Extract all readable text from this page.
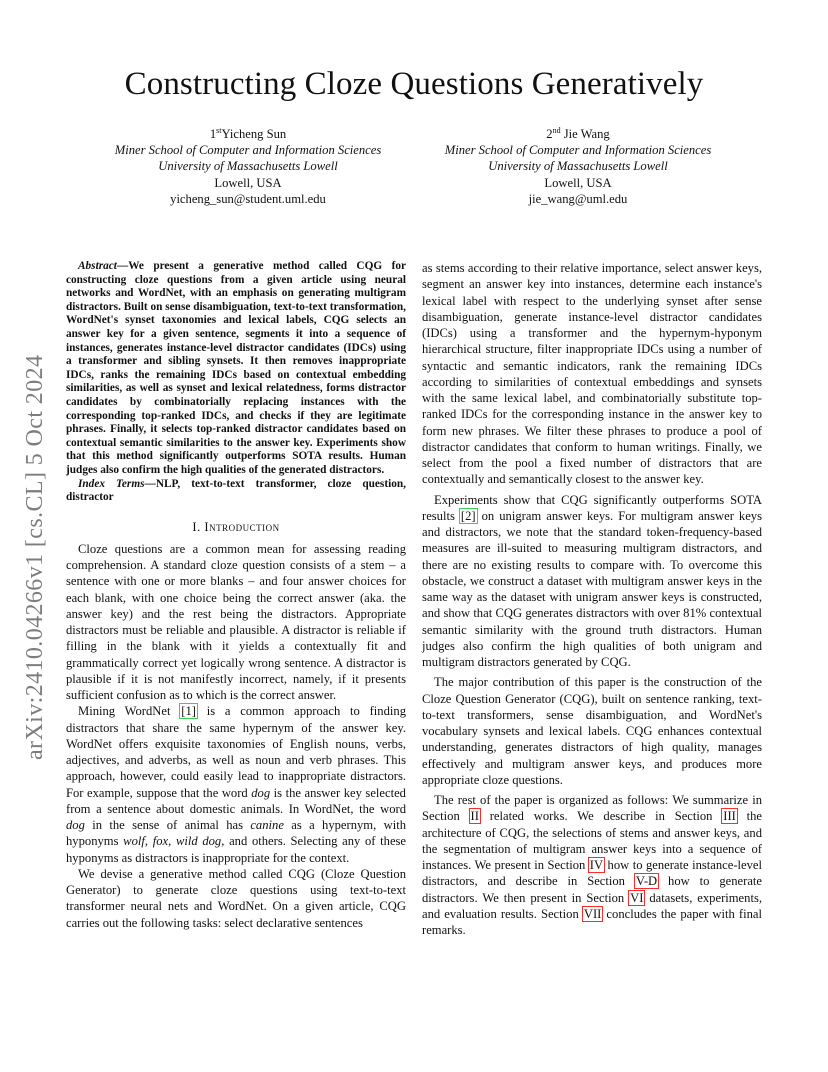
Constructing Cloze Questions Generatively
1stYicheng Sun
Miner School of Computer and Information Sciences
University of Massachusetts Lowell
Lowell, USA
yicheng_sun@student.uml.edu
2nd Jie Wang
Miner School of Computer and Information Sciences
University of Massachusetts Lowell
Lowell, USA
jie_wang@uml.edu
arXiv:2410.04266v1 [cs.CL] 5 Oct 2024

Abstract—We present a generative method called CQG for constructing cloze questions from a given article using neural networks and WordNet, with an emphasis on generating multigram distractors. Built on sense disambiguation, text-to-text transformation, WordNet's synset taxonomies and lexical labels, CQG selects an answer key for a given sentence, segments it into a sequence of instances, generates instance-level distractor candidates (IDCs) using a transformer and sibling synsets. It then removes inappropriate IDCs, ranks the remaining IDCs based on contextual embedding similarities, as well as synset and lexical relatedness, forms distractor candidates by combinatorially replacing instances with the corresponding top-ranked IDCs, and checks if they are legitimate phrases. Finally, it selects top-ranked distractor candidates based on contextual semantic similarities to the answer key. Experiments show that this method significantly outperforms SOTA results. Human judges also confirm the high qualities of the generated distractors.

Index Terms—NLP, text-to-text transformer, cloze question, distractor

I. Introduction

Cloze questions are a common mean for assessing reading comprehension. A standard cloze question consists of a stem – a sentence with one or more blanks – and four answer choices for each blank, with one choice being the correct answer (aka. the answer key) and the rest being the distractors. Appropriate distractors must be reliable and plausible. A distractor is reliable if filling in the blank with it yields a contextually fit and grammatically correct yet logically wrong sentence. A distractor is plausible if it is not manifestly incorrect, namely, if it presents sufficient confusion as to which is the correct answer.

Mining WordNet [1] is a common approach to finding distractors that share the same hypernym of the answer key. WordNet offers exquisite taxonomies of English nouns, verbs, adjectives, and adverbs, as well as noun and verb phrases. This approach, however, could easily lead to inappropriate distractors. For example, suppose that the word dog is the answer key selected from a sentence about domestic animals. In WordNet, the word dog in the sense of animal has canine as a hypernym, with hyponyms wolf, fox, wild dog, and others. Selecting any of these hyponyms as distractors is inappropriate for the context.

We devise a generative method called CQG (Cloze Question Generator) to generate cloze questions using text-to-text transformer neural nets and WordNet. On a given article, CQG carries out the following tasks: select declarative sentences

as stems according to their relative importance, select answer keys, segment an answer key into instances, determine each instance's lexical label with respect to the underlying synset after sense disambiguation, generate instance-level distractor candidates (IDCs) using a transformer and the hypernym-hyponym hierarchical structure, filter inappropriate IDCs using a number of syntactic and semantic indicators, rank the remaining IDCs according to similarities of contextual embeddings and synsets with the same lexical label, and combinatorially substitute top-ranked IDCs for the corresponding instance in the answer key to form new phrases. We filter these phrases to produce a pool of distractor candidates that conform to human writings. Finally, we select from the pool a fixed number of distractors that are contextually and semantically closest to the answer key.

Experiments show that CQG significantly outperforms SOTA results [2] on unigram answer keys. For multigram answer keys and distractors, we note that the standard token-frequency-based measures are ill-suited to measuring multigram distractors, and there are no existing results to compare with. To overcome this obstacle, we construct a dataset with multigram answer keys in the same way as the dataset with unigram answer keys is constructed, and show that CQG generates distractors with over 81% contextual semantic similarity with the ground truth distractors. Human judges also confirm the high qualities of both unigram and multigram distractors generated by CQG.

The major contribution of this paper is the construction of the Cloze Question Generator (CQG), built on sentence ranking, text-to-text transformers, sense disambiguation, and WordNet's vocabulary synsets and lexical labels. CQG enhances contextual understanding, generates distractors of high quality, manages effectively and multigram answer keys, and produces more appropriate cloze questions.

The rest of the paper is organized as follows: We summarize in Section II related works. We describe in Section III the architecture of CQG, the selections of stems and answer keys, and the segmentation of multigram answer keys into a sequence of instances. We present in Section IV how to generate instance-level distractors, and describe in Section V-D how to generate distractors. We then present in Section VI datasets, experiments, and evaluation results. Section VII concludes the paper with final remarks.
